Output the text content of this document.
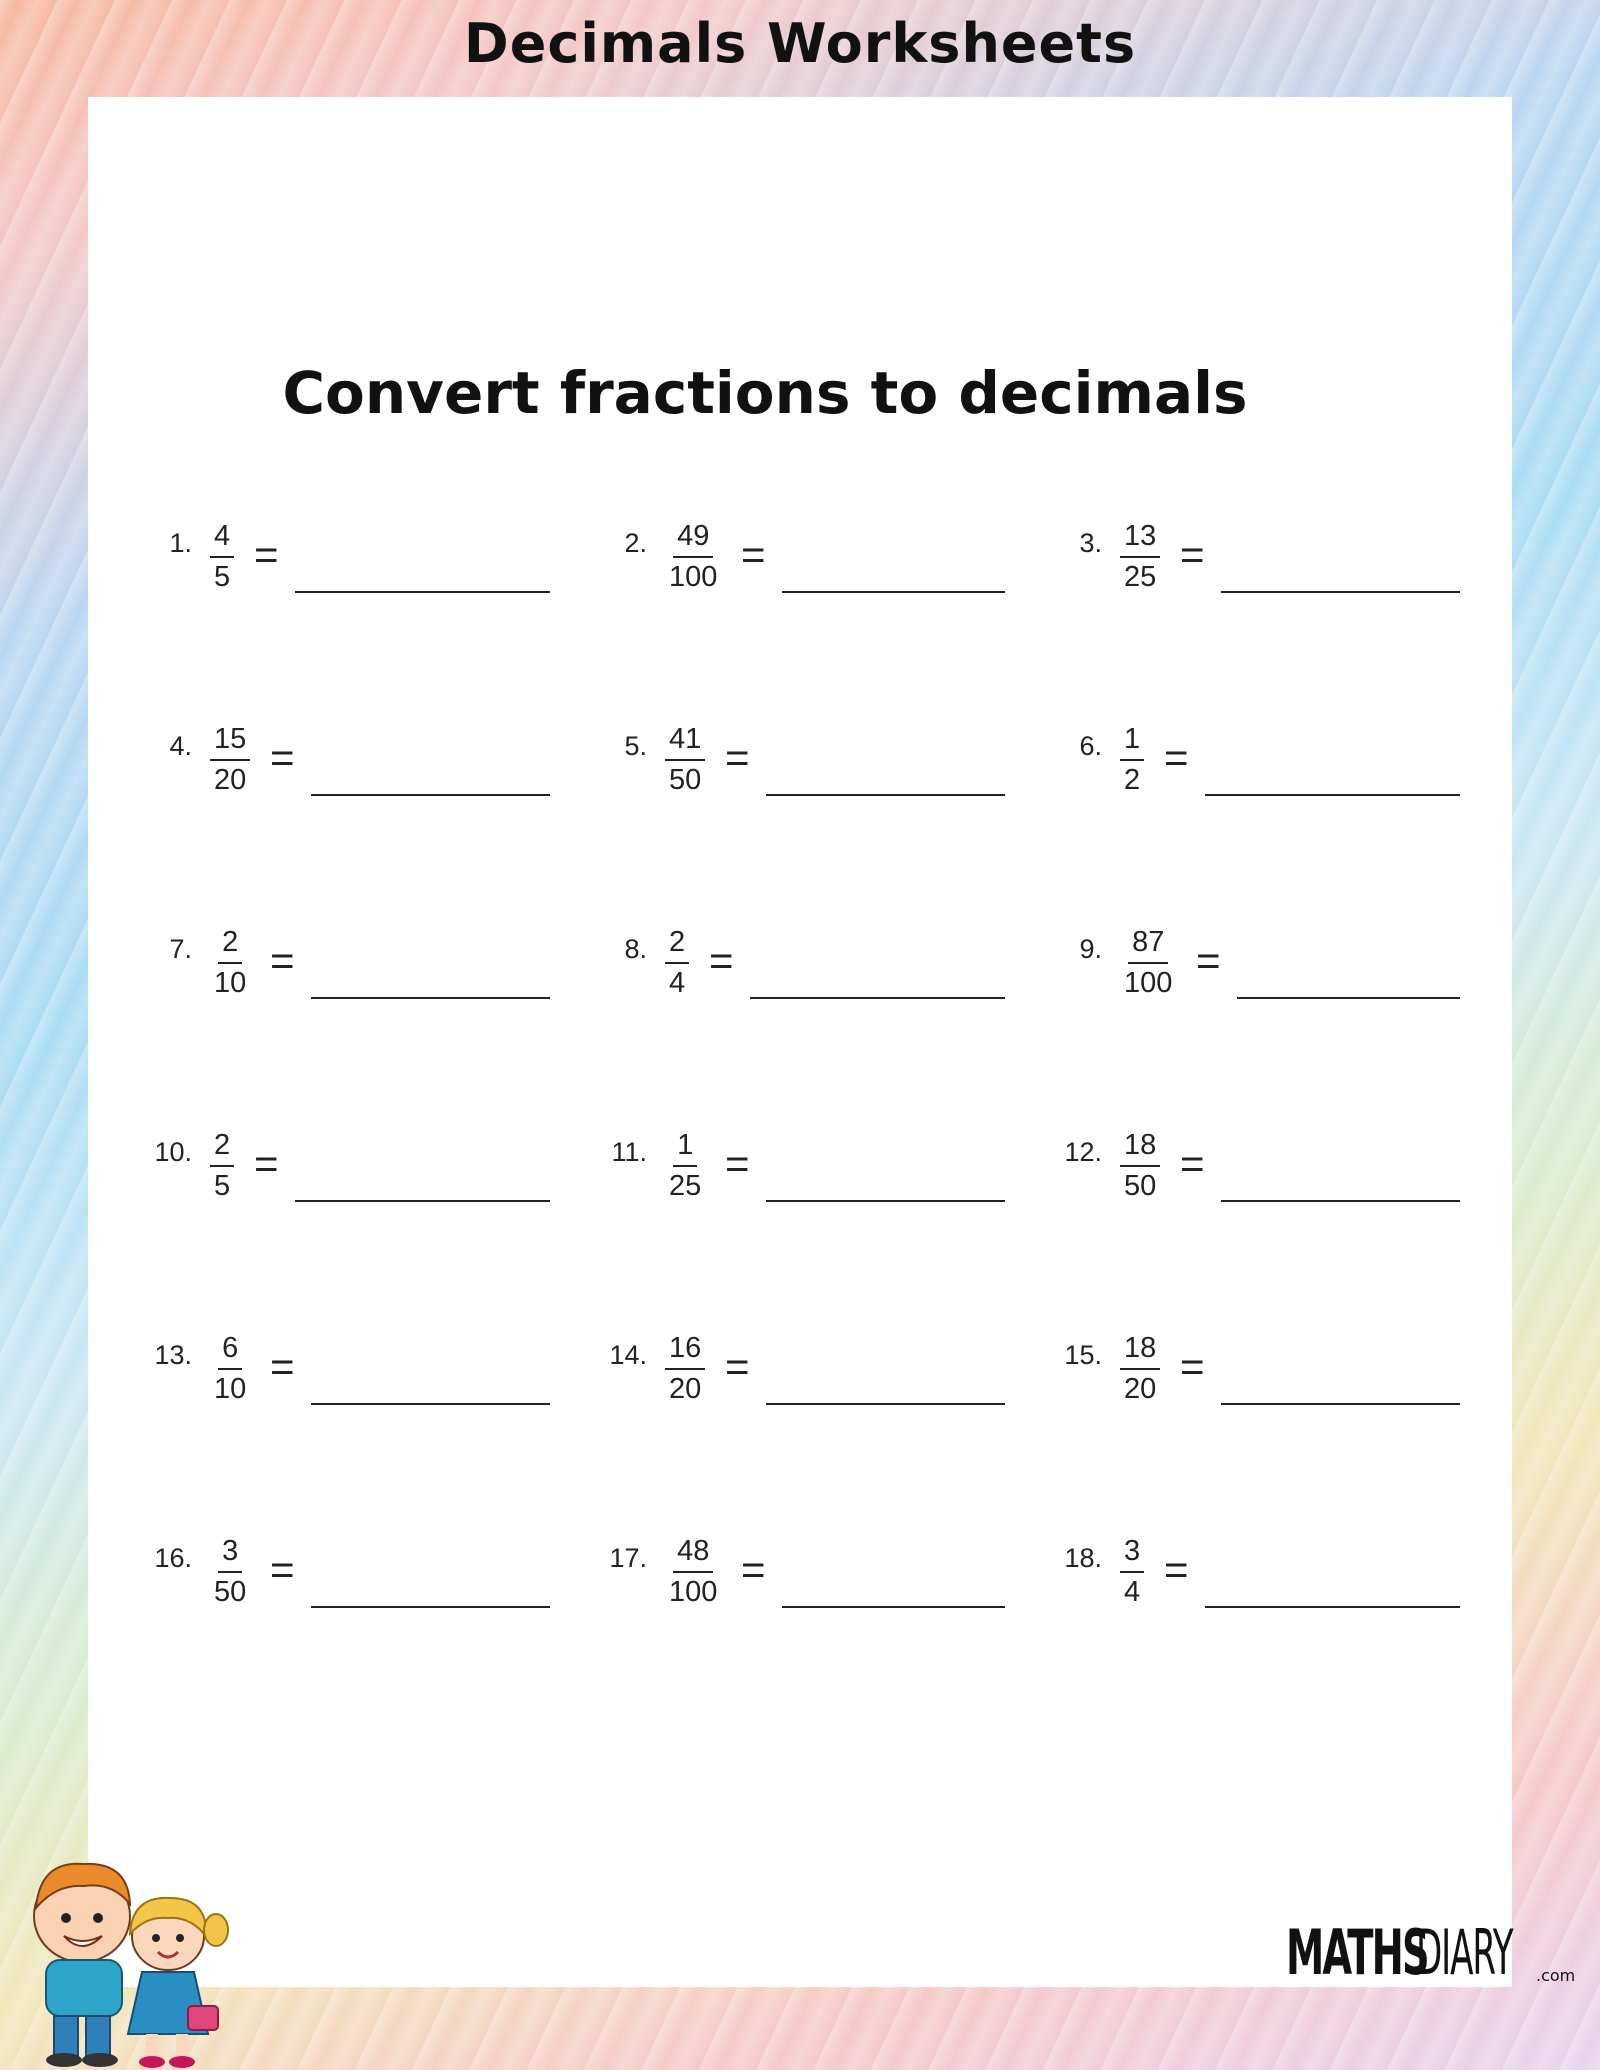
Decimals Worksheets
Convert fractions to decimals
1. $\frac{4}{5}$ =	2. $\frac{49}{100}$ =	3. $\frac{13}{25}$ =
4. $\frac{15}{20}$ =	5. $\frac{41}{50}$ =	6. $\frac{1}{2}$ =
7. $\frac{2}{10}$ =	8. $\frac{2}{4}$ =	9. $\frac{87}{100}$ =
10. $\frac{2}{5}$ =	11. $\frac{1}{25}$ =	12. $\frac{18}{50}$ =
13. $\frac{6}{10}$ =	14. $\frac{16}{20}$ =	15. $\frac{18}{20}$ =
16. $\frac{3}{50}$ =	17. $\frac{48}{100}$ =	18. $\frac{3}{4}$ =
MATHS
DIARY .com
